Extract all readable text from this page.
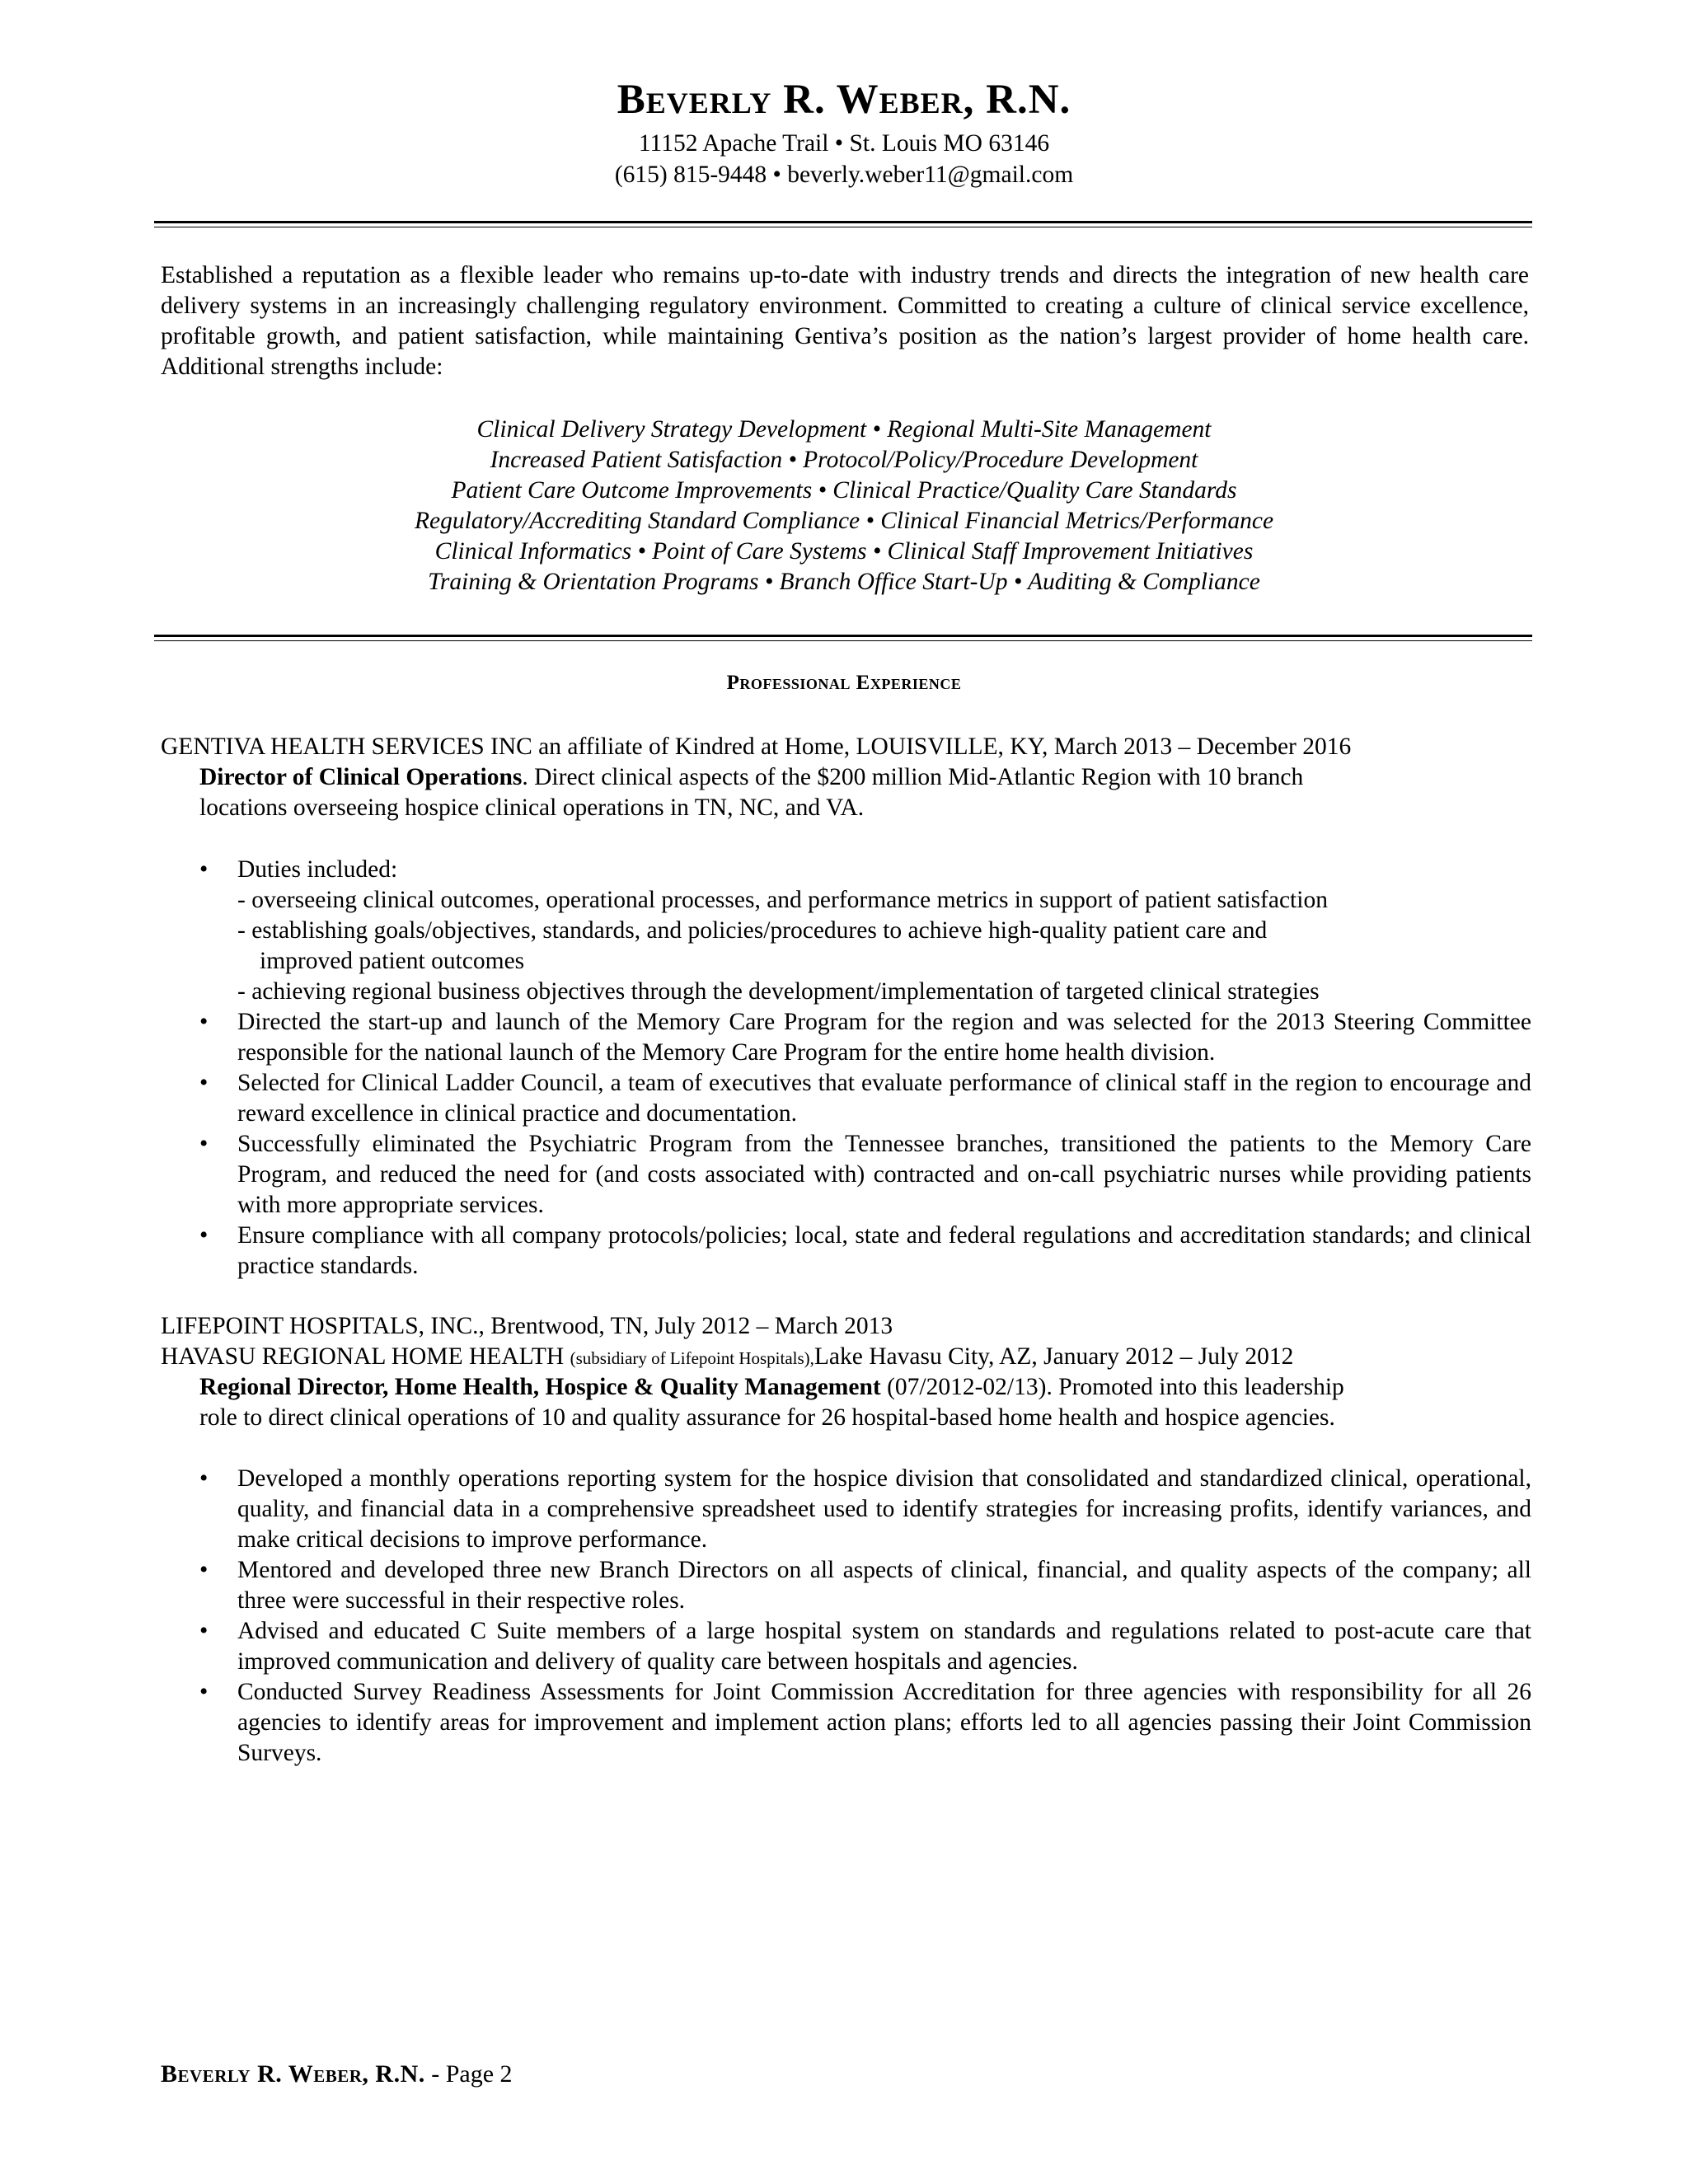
Beverly R. Weber, R.N.
11152 Apache Trail • St. Louis MO 63146
(615) 815-9448 • beverly.weber11@gmail.com
Established a reputation as a flexible leader who remains up-to-date with industry trends and directs the integration of new health care delivery systems in an increasingly challenging regulatory environment. Committed to creating a culture of clinical service excellence, profitable growth, and patient satisfaction, while maintaining Gentiva’s position as the nation’s largest provider of home health care. Additional strengths include:
Clinical Delivery Strategy Development • Regional Multi-Site Management
Increased Patient Satisfaction • Protocol/Policy/Procedure Development
Patient Care Outcome Improvements • Clinical Practice/Quality Care Standards
Regulatory/Accrediting Standard Compliance • Clinical Financial Metrics/Performance
Clinical Informatics • Point of Care Systems • Clinical Staff Improvement Initiatives
Training & Orientation Programs • Branch Office Start-Up • Auditing & Compliance
Professional Experience
GENTIVA HEALTH SERVICES INC an affiliate of Kindred at Home, LOUISVILLE, KY, March 2013 – December 2016
Director of Clinical Operations. Direct clinical aspects of the $200 million Mid-Atlantic Region with 10 branch
locations overseeing hospice clinical operations in TN, NC, and VA.
• Duties included:
- overseeing clinical outcomes, operational processes, and performance metrics in support of patient satisfaction
- establishing goals/objectives, standards, and policies/procedures to achieve high-quality patient care and
improved patient outcomes
- achieving regional business objectives through the development/implementation of targeted clinical strategies
• Directed the start-up and launch of the Memory Care Program for the region and was selected for the 2013 Steering Committee responsible for the national launch of the Memory Care Program for the entire home health division.
• Selected for Clinical Ladder Council, a team of executives that evaluate performance of clinical staff in the region to encourage and reward excellence in clinical practice and documentation.
• Successfully eliminated the Psychiatric Program from the Tennessee branches, transitioned the patients to the Memory Care Program, and reduced the need for (and costs associated with) contracted and on-call psychiatric nurses while providing patients with more appropriate services.
• Ensure compliance with all company protocols/policies; local, state and federal regulations and accreditation standards; and clinical practice standards.
LIFEPOINT HOSPITALS, INC., Brentwood, TN, July 2012 – March 2013
HAVASU REGIONAL HOME HEALTH (subsidiary of Lifepoint Hospitals),Lake Havasu City, AZ, January 2012 – July 2012
Regional Director, Home Health, Hospice & Quality Management (07/2012-02/13). Promoted into this leadership
role to direct clinical operations of 10 and quality assurance for 26 hospital-based home health and hospice agencies.
• Developed a monthly operations reporting system for the hospice division that consolidated and standardized clinical, operational, quality, and financial data in a comprehensive spreadsheet used to identify strategies for increasing profits, identify variances, and make critical decisions to improve performance.
• Mentored and developed three new Branch Directors on all aspects of clinical, financial, and quality aspects of the company; all three were successful in their respective roles.
• Advised and educated C Suite members of a large hospital system on standards and regulations related to post-acute care that improved communication and delivery of quality care between hospitals and agencies.
• Conducted Survey Readiness Assessments for Joint Commission Accreditation for three agencies with responsibility for all 26 agencies to identify areas for improvement and implement action plans; efforts led to all agencies passing their Joint Commission Surveys.
Beverly R. Weber, R.N. - Page 2
